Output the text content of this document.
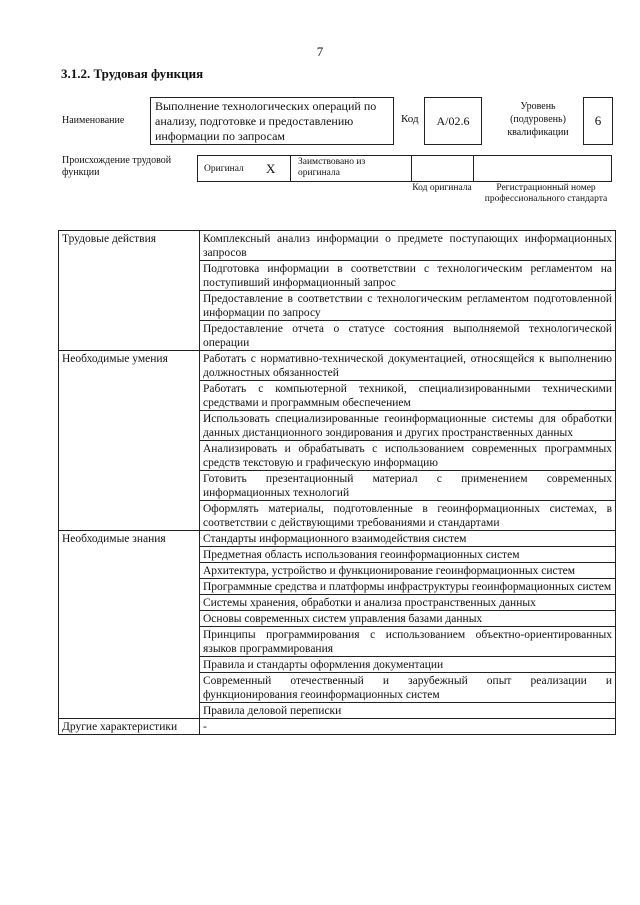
7
3.1.2. Трудовая функция
Наименование
Выполнение технологических операций по анализу, подготовке и предоставлению информации по запросам
Код	А/02.6
Уровень (подуровень) квалификации
6
Происхождение трудовой функции	Оригинал X Заимствовано из оригинала
Код оригинала	Регистрационный номер профессионального стандарта
Трудовые действия	Комплексный анализ информации о предмете поступающих информационных запросов
	Подготовка информации в соответствии с технологическим регламентом на поступивший информационный запрос
	Предоставление в соответствии с технологическим регламентом подготовленной информации по запросу
	Предоставление отчета о статусе состояния выполняемой технологической операции
Необходимые умения	Работать с нормативно-технической документацией, относящейся к выполнению должностных обязанностей
	Работать с компьютерной техникой, специализированными техническими средствами и программным обеспечением
	Использовать специализированные геоинформационные системы для обработки данных дистанционного зондирования и других пространственных данных
	Анализировать и обрабатывать с использованием современных программных средств текстовую и графическую информацию
	Готовить презентационный материал с применением современных информационных технологий
	Оформлять материалы, подготовленные в геоинформационных системах, в соответствии с действующими требованиями и стандартами
Необходимые знания	Стандарты информационного взаимодействия систем
	Предметная область использования геоинформационных систем
	Архитектура, устройство и функционирование геоинформационных систем
	Программные средства и платформы инфраструктуры геоинформационных систем
	Системы хранения, обработки и анализа пространственных данных
	Основы современных систем управления базами данных
	Принципы программирования с использованием объектно-ориентированных языков программирования
	Правила и стандарты оформления документации
	Современный отечественный и зарубежный опыт реализации и функционирования геоинформационных систем
	Правила деловой переписки
Другие характеристики	-
